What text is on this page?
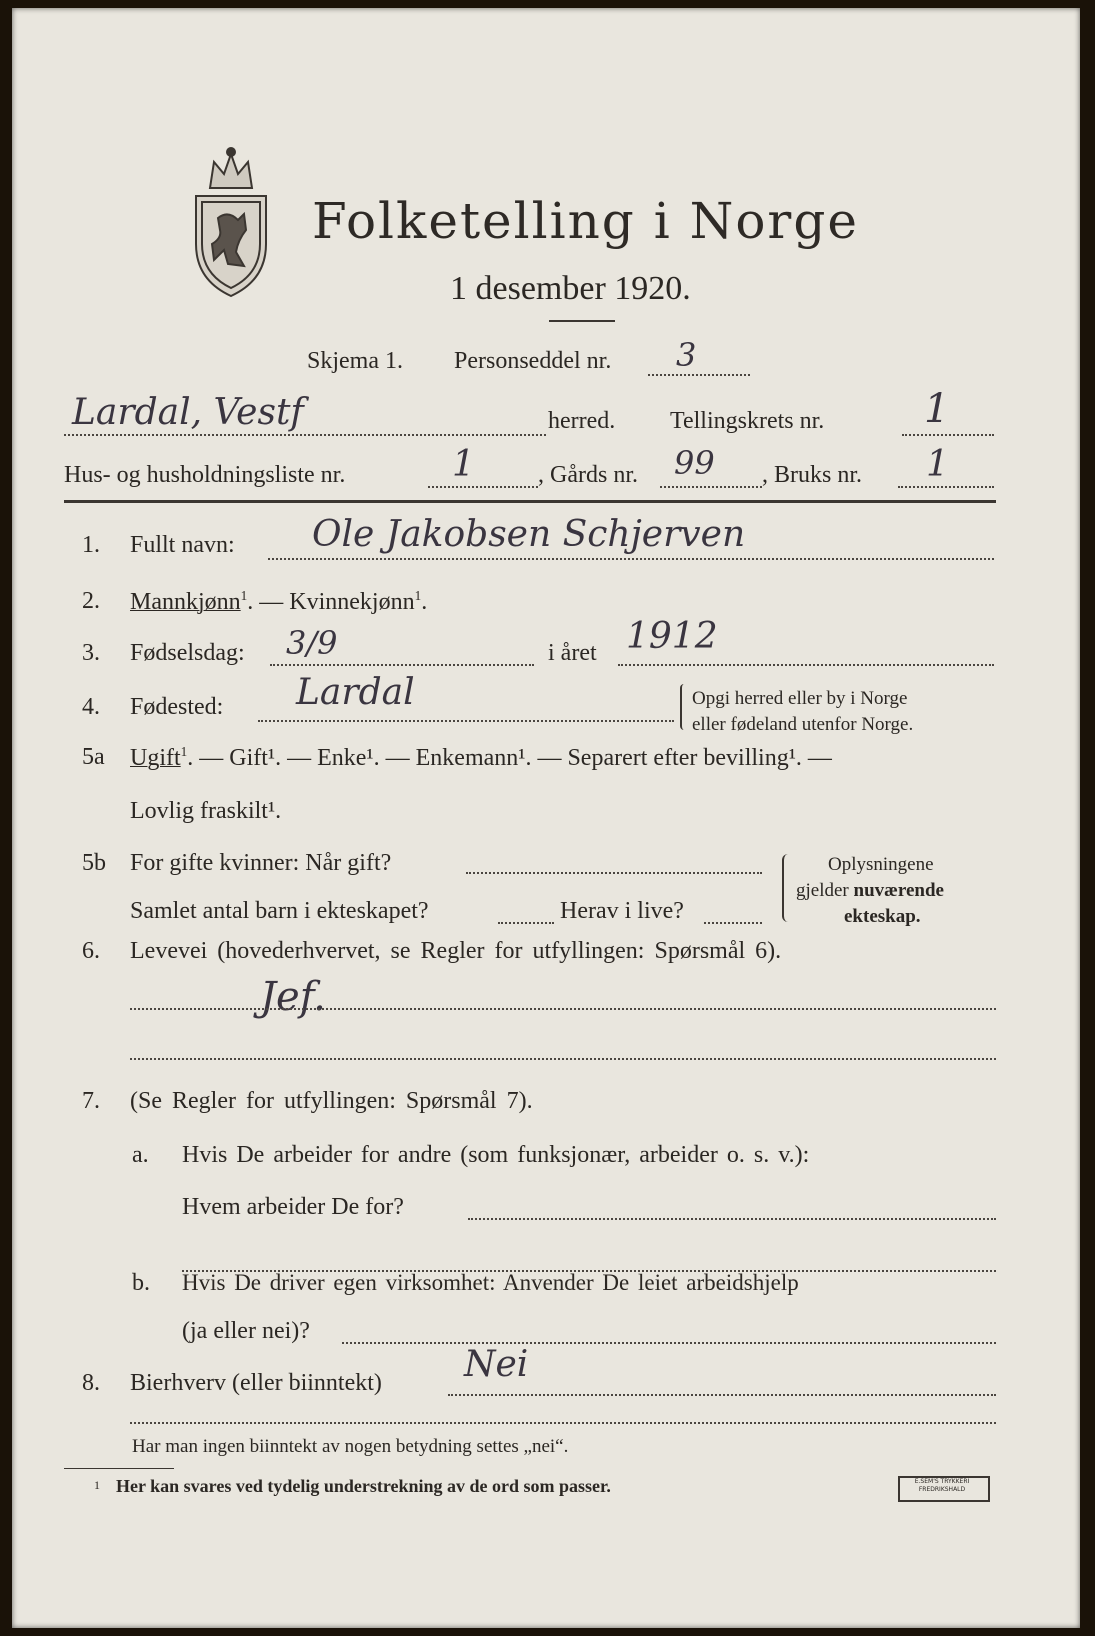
Folketelling i Norge
1 desember 1920.
Skjema 1. Personseddel nr. 3
Lardal, Vestf	herred. Tellingskrets nr. 1
Hus- og husholdningsliste nr.	1	, Gårds nr. 99 , Bruks nr. 1
1. Fullt navn: Ole Jakobsen Schjerven
2. Mannkjønn$^1$. — Kvinnekjønn$^1$.
3. Fødselsdag: 3/9	i året 1912
4. Fødested: Lardal	Opgi herred eller by i Norge
eller fødeland utenfor Norge.
5a Ugift$^1$. — Gift¹. — Enke¹. — Enkemann¹. — Separert efter bevilling¹. —
Lovlig fraskilt¹.
5b For gifte kvinner: Når gift?
Samlet antal barn i ekteskapet?	Herav i live?
Oplysningene
gjelder nuværende
ekteskap.
6. Levevei (hovederhvervet, se Regler for utfyllingen: Spørsmål 6).
Jef.
7. (Se Regler for utfyllingen: Spørsmål 7).
a. Hvis De arbeider for andre (som funksjonær, arbeider o. s. v.):
Hvem arbeider De for?
b. Hvis De driver egen virksomhet: Anvender De leiet arbeidshjelp
(ja eller nei)?
8. Bierhverv (eller biinntekt) Nei
Har man ingen biinntekt av nogen betydning settes „nei“.
1 Her kan svares ved tydelig understrekning av de ord som passer.	E.SEM'S TRYKKERI FREDRIKSHALD
